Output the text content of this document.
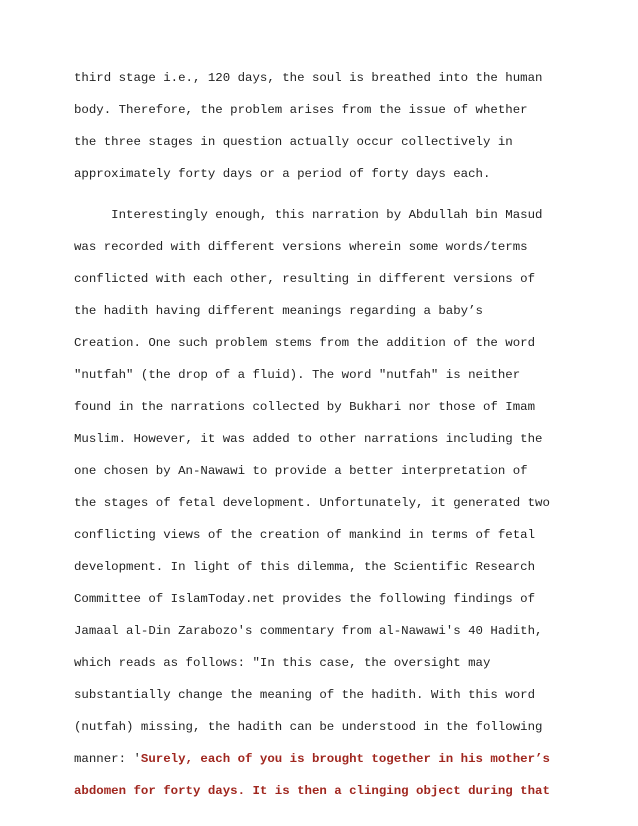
third stage i.e., 120 days, the soul is breathed into the human
body. Therefore, the problem arises from the issue of whether
the three stages in question actually occur collectively in
approximately forty days or a period of forty days each.
Interestingly enough, this narration by Abdullah bin Masud
was recorded with different versions wherein some words/terms
conflicted with each other, resulting in different versions of
the hadith having different meanings regarding a baby’s
Creation. One such problem stems from the addition of the word
"nutfah" (the drop of a fluid). The word "nutfah" is neither
found in the narrations collected by Bukhari nor those of Imam
Muslim. However, it was added to other narrations including the
one chosen by An-Nawawi to provide a better interpretation of
the stages of fetal development. Unfortunately, it generated two
conflicting views of the creation of mankind in terms of fetal
development. In light of this dilemma, the Scientific Research
Committee of IslamToday.net provides the following findings of
Jamaal al-Din Zarabozo's commentary from al-Nawawi's 40 Hadith,
which reads as follows: "In this case, the oversight may
substantially change the meaning of the hadith. With this word
(nutfah) missing, the hadith can be understood in the following
manner: 'Surely, each of you is brought together in his mother’s
abdomen for forty days. It is then a clinging object during that
